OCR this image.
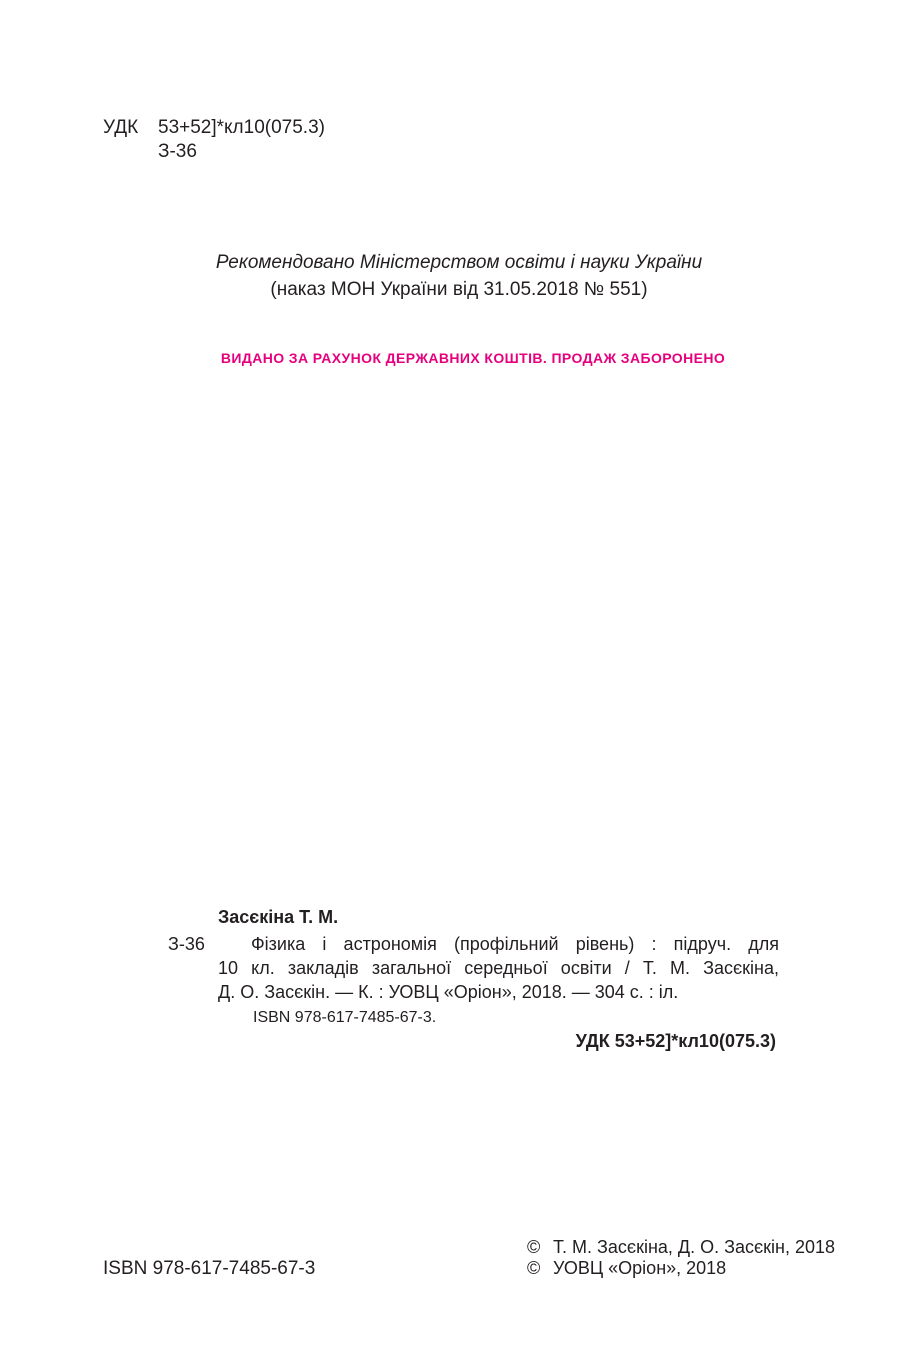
УДК 53+52]*кл10(075.3)
З-36
Рекомендовано Міністерством освіти і науки України
(наказ МОН України від 31.05.2018 № 551)
ВИДАНО ЗА РАХУНОК ДЕРЖАВНИХ КОШТІВ. ПРОДАЖ ЗАБОРОНЕНО
Засєкіна Т. М.
З-36	Фізика і астрономія (профільний рівень) : підруч. для
10 кл. закладів загальної середньої освіти / Т. М. Засєкіна,
Д. О. Засєкін. — К. : УОВЦ «Оріон», 2018. — 304 с. : іл.
ISBN 978-617-7485-67-3.
УДК 53+52]*кл10(075.3)
ISBN 978-617-7485-67-3
© Т. М. Засєкіна, Д. О. Засєкін, 2018
© УОВЦ «Оріон», 2018
